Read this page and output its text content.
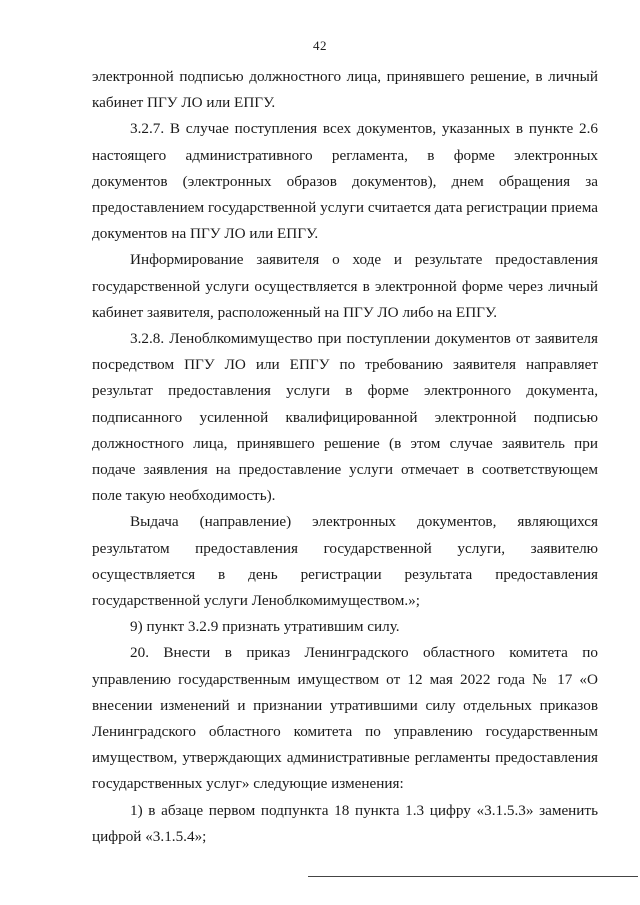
42

электронной подписью должностного лица, принявшего решение, в личный кабинет ПГУ ЛО или ЕПГУ.

3.2.7. В случае поступления всех документов, указанных в пункте 2.6 настоящего административного регламента, в форме электронных документов (электронных образов документов), днем обращения за предоставлением государственной услуги считается дата регистрации приема документов на ПГУ ЛО или ЕПГУ.

Информирование заявителя о ходе и результате предоставления государственной услуги осуществляется в электронной форме через личный кабинет заявителя, расположенный на ПГУ ЛО либо на ЕПГУ.

3.2.8. Леноблкомимущество при поступлении документов от заявителя посредством ПГУ ЛО или ЕПГУ по требованию заявителя направляет результат предоставления услуги в форме электронного документа, подписанного усиленной квалифицированной электронной подписью должностного лица, принявшего решение (в этом случае заявитель при подаче заявления на предоставление услуги отмечает в соответствующем поле такую необходимость).

Выдача (направление) электронных документов, являющихся результатом предоставления государственной услуги, заявителю осуществляется в день регистрации результата предоставления государственной услуги Леноблкомимуществом.»;

9) пункт 3.2.9 признать утратившим силу.

20. Внести в приказ Ленинградского областного комитета по управлению государственным имуществом от 12 мая 2022 года № 17 «О внесении изменений и признании утратившими силу отдельных приказов Ленинградского областного комитета по управлению государственным имуществом, утверждающих административные регламенты предоставления государственных услуг» следующие изменения:

1) в абзаце первом подпункта 18 пункта 1.3 цифру «3.1.5.3» заменить цифрой «3.1.5.4»;
